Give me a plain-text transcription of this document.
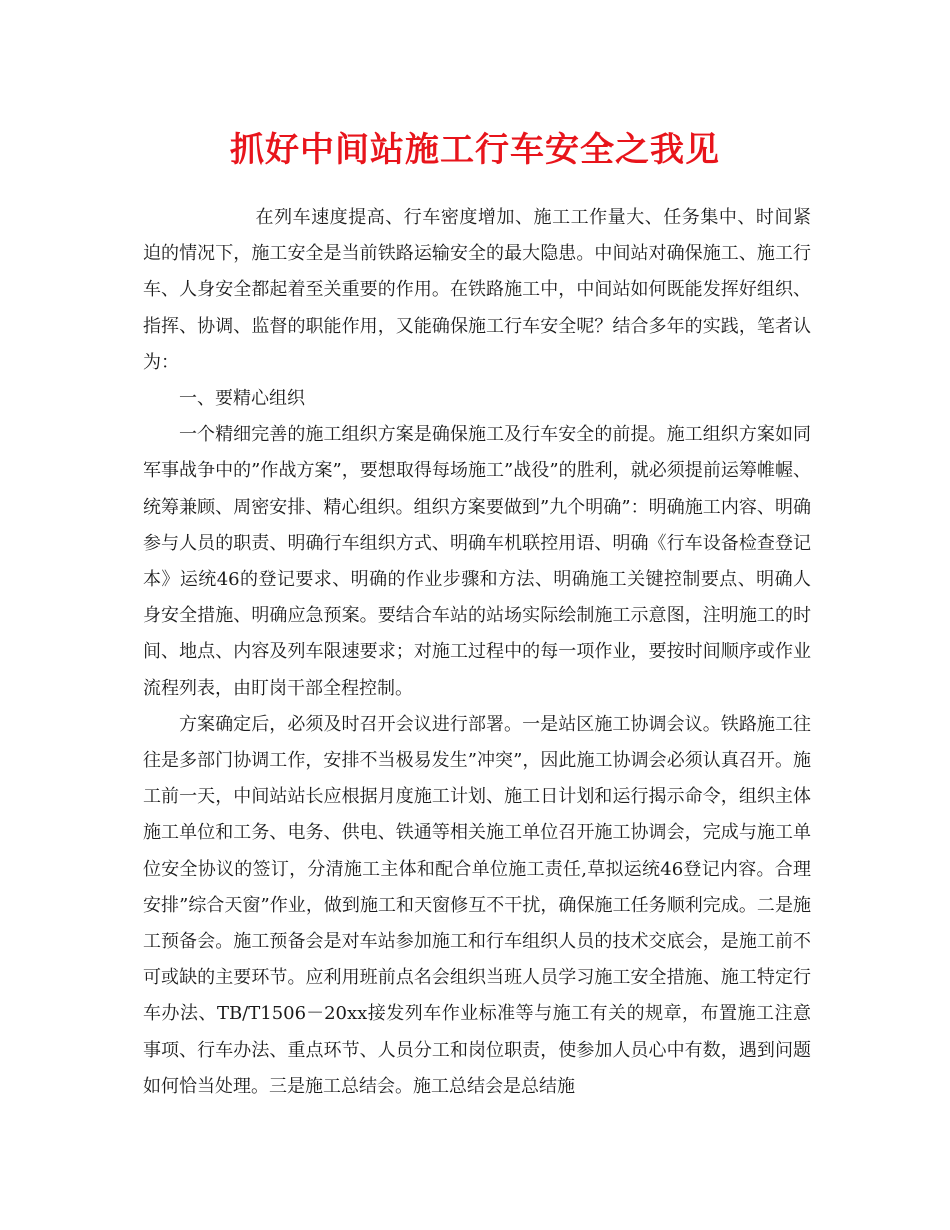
抓好中间站施工行车安全之我见

在列车速度提高、行车密度增加、施工工作量大、任务集中、时间紧迫的情况下，施工安全是当前铁路运输安全的最大隐患。中间站对确保施工、施工行车、人身安全都起着至关重要的作用。在铁路施工中，中间站如何既能发挥好组织、指挥、协调、监督的职能作用，又能确保施工行车安全呢？结合多年的实践，笔者认为：

一、要精心组织

一个精细完善的施工组织方案是确保施工及行车安全的前提。施工组织方案如同军事战争中的”作战方案”，要想取得每场施工”战役”的胜利，就必须提前运筹帷幄、统筹兼顾、周密安排、精心组织。组织方案要做到”九个明确”：明确施工内容、明确参与人员的职责、明确行车组织方式、明确车机联控用语、明确《行车设备检查登记本》运统46的登记要求、明确的作业步骤和方法、明确施工关键控制要点、明确人身安全措施、明确应急预案。要结合车站的站场实际绘制施工示意图，注明施工的时间、地点、内容及列车限速要求；对施工过程中的每一项作业，要按时间顺序或作业流程列表，由盯岗干部全程控制。

方案确定后，必须及时召开会议进行部署。一是站区施工协调会议。铁路施工往往是多部门协调工作，安排不当极易发生”冲突”，因此施工协调会必须认真召开。施工前一天，中间站站长应根据月度施工计划、施工日计划和运行揭示命令，组织主体施工单位和工务、电务、供电、铁通等相关施工单位召开施工协调会，完成与施工单位安全协议的签订，分清施工主体和配合单位施工责任,草拟运统46登记内容。合理安排”综合天窗”作业，做到施工和天窗修互不干扰，确保施工任务顺利完成。二是施工预备会。施工预备会是对车站参加施工和行车组织人员的技术交底会，是施工前不可或缺的主要环节。应利用班前点名会组织当班人员学习施工安全措施、施工特定行车办法、TB/T1506－20xx接发列车作业标准等与施工有关的规章，布置施工注意事项、行车办法、重点环节、人员分工和岗位职责，使参加人员心中有数，遇到问题如何恰当处理。三是施工总结会。施工总结会是总结施
